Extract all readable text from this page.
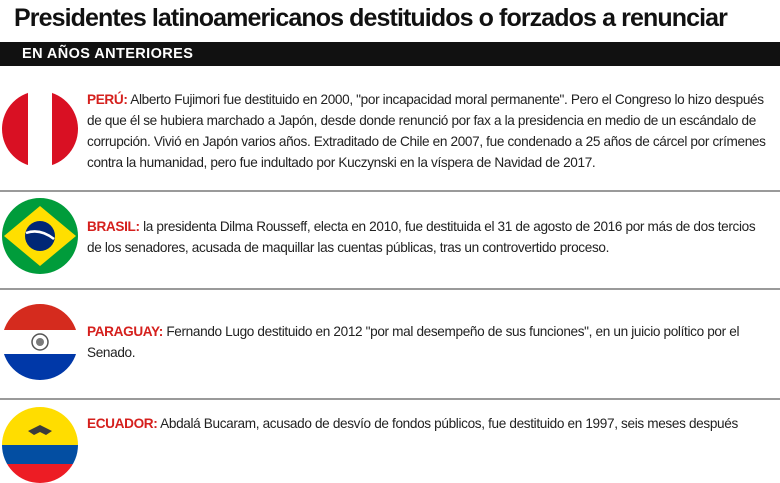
Presidentes latinoamericanos destituidos o forzados a renunciar
EN AÑOS ANTERIORES
PERÚ: Alberto Fujimori fue destituido en 2000, "por incapacidad moral permanente". Pero el Congreso lo hizo después de que él se hubiera marchado a Japón, desde donde renunció por fax a la presidencia en medio de un escándalo de corrupción. Vivió en Japón varios años. Extraditado de Chile en 2007, fue condenado a 25 años de cárcel por crímenes contra la humanidad, pero fue indultado por Kuczynski en la víspera de Navidad de 2017.
BRASIL: la presidenta Dilma Rousseff, electa en 2010, fue destituida el 31 de agosto de 2016 por más de dos tercios de los senadores, acusada de maquillar las cuentas públicas, tras un controvertido proceso.
PARAGUAY: Fernando Lugo destituido en 2012 "por mal desempeño de sus funciones", en un juicio político por el Senado.
ECUADOR: Abdalá Bucaram, acusado de desvío de fondos públicos, fue destituido en 1997, seis meses después
